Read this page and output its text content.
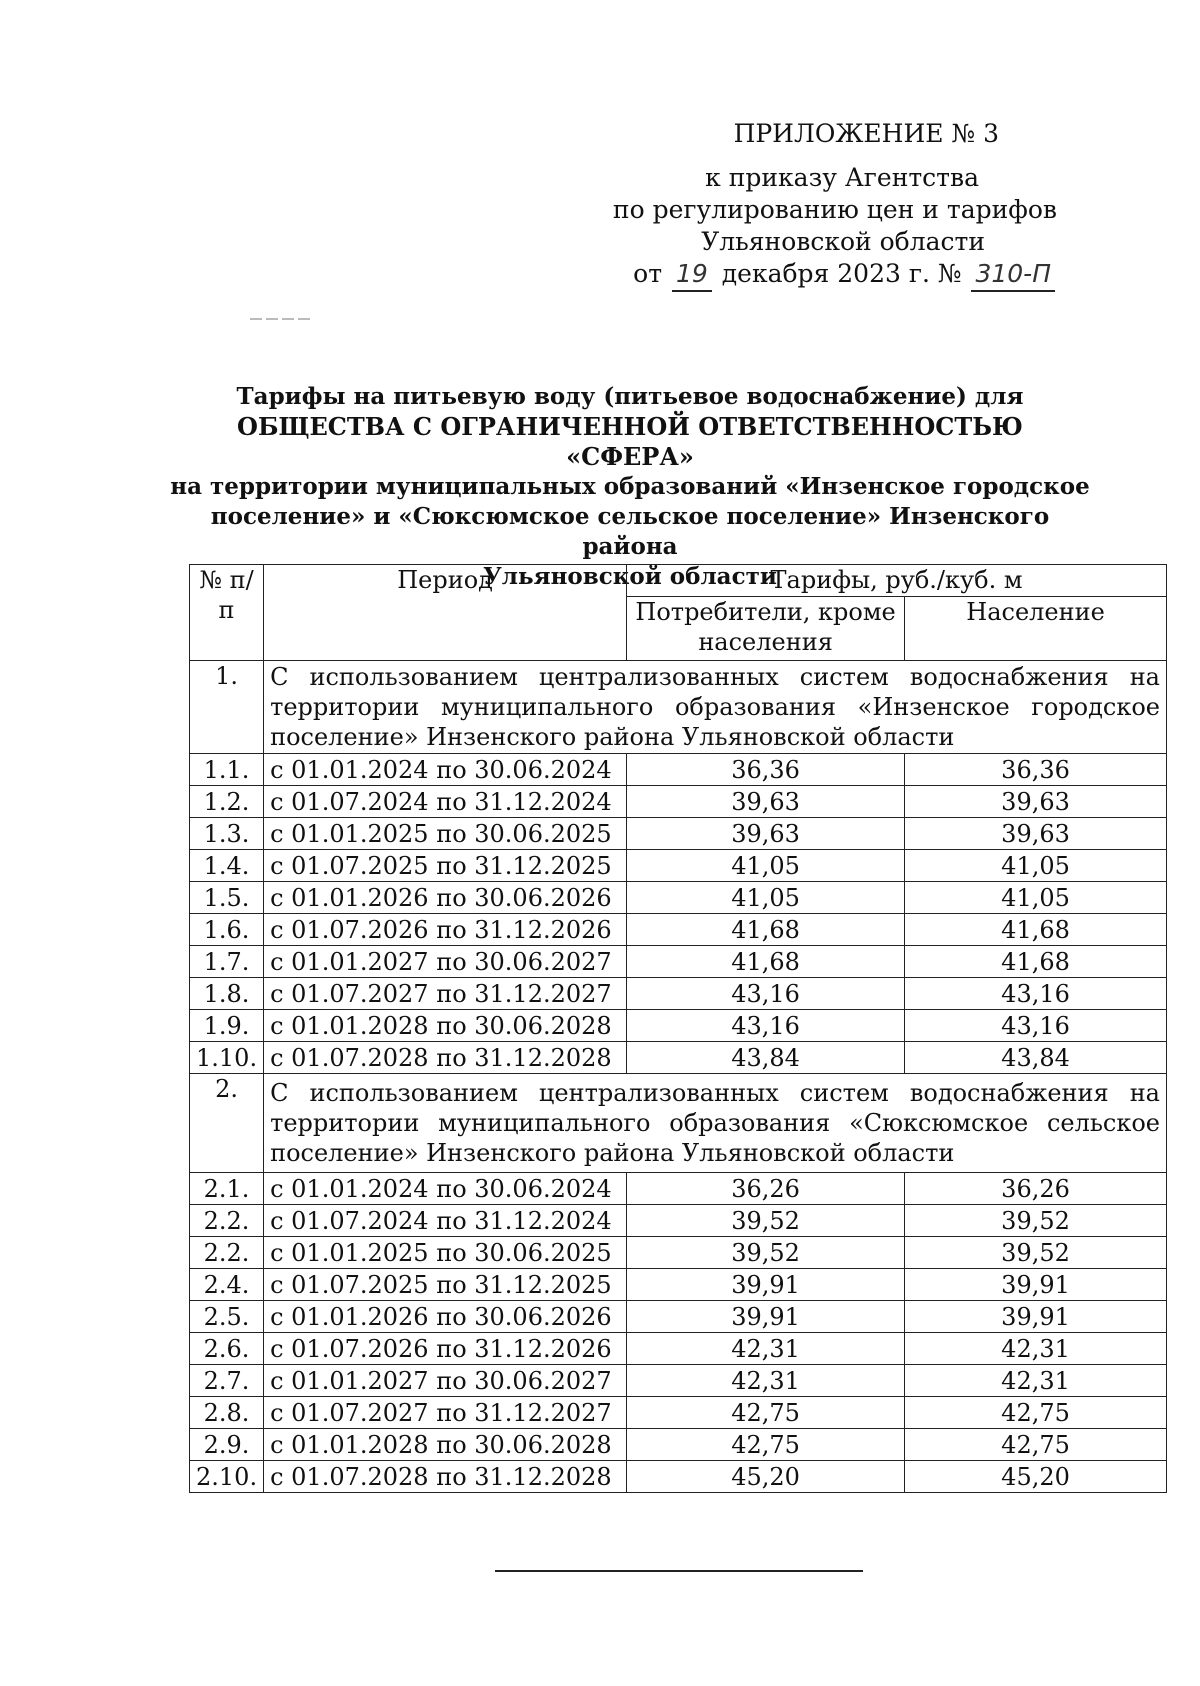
ПРИЛОЖЕНИЕ № 3
к приказу Агентства
по регулированию цен и тарифов
Ульяновской области
от 19 декабря 2023 г. № 310-П
Тарифы на питьевую воду (питьевое водоснабжение) для
ОБЩЕСТВА С ОГРАНИЧЕННОЙ ОТВЕТСТВЕННОСТЬЮ «СФЕРА»
на территории муниципальных образований «Инзенское городское
поселение» и «Сюксюмское сельское поселение» Инзенского района
Ульяновской области
№ п/п	Период	Тарифы, руб./куб. м	
		Потребители, кроме населения	Население
1.	С использованием централизованных систем водоснабжения на территории муниципального образования «Инзенское городское поселение» Инзенского района Ульяновской области		
1.1.	с 01.01.2024 по 30.06.2024	36,36	36,36
1.2.	с 01.07.2024 по 31.12.2024	39,63	39,63
1.3.	с 01.01.2025 по 30.06.2025	39,63	39,63
1.4.	с 01.07.2025 по 31.12.2025	41,05	41,05
1.5.	с 01.01.2026 по 30.06.2026	41,05	41,05
1.6.	с 01.07.2026 по 31.12.2026	41,68	41,68
1.7.	с 01.01.2027 по 30.06.2027	41,68	41,68
1.8.	с 01.07.2027 по 31.12.2027	43,16	43,16
1.9.	с 01.01.2028 по 30.06.2028	43,16	43,16
1.10.	с 01.07.2028 по 31.12.2028	43,84	43,84
2.	С использованием централизованных систем водоснабжения на территории муниципального образования «Сюксюмское сельское поселение» Инзенского района Ульяновской области		
2.1.	с 01.01.2024 по 30.06.2024	36,26	36,26
2.2.	с 01.07.2024 по 31.12.2024	39,52	39,52
2.2.	с 01.01.2025 по 30.06.2025	39,52	39,52
2.4.	с 01.07.2025 по 31.12.2025	39,91	39,91
2.5.	с 01.01.2026 по 30.06.2026	39,91	39,91
2.6.	с 01.07.2026 по 31.12.2026	42,31	42,31
2.7.	с 01.01.2027 по 30.06.2027	42,31	42,31
2.8.	с 01.07.2027 по 31.12.2027	42,75	42,75
2.9.	с 01.01.2028 по 30.06.2028	42,75	42,75
2.10.	с 01.07.2028 по 31.12.2028	45,20	45,20
